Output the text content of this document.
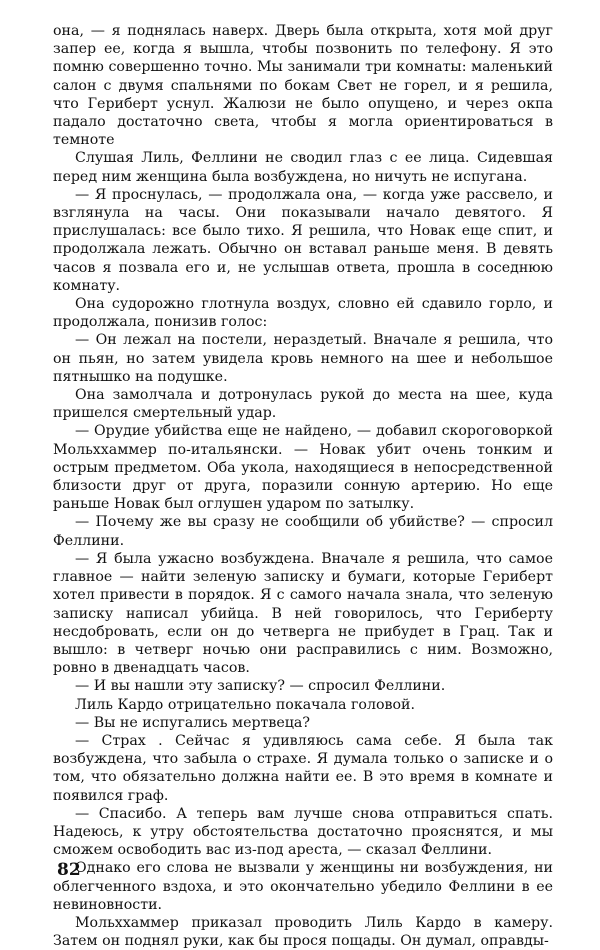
она, — я поднялась наверх. Дверь была открыта, хотя мой друг запер ее, когда я вышла, чтобы позвонить по телефону. Я это помню совершенно точно. Мы занимали три комнаты: маленький салон с двумя спальнями по бокам Свет не горел, и я решила, что Гериберт уснул. Жалюзи не было опущено, и через окпа падало достаточно света, чтобы я могла ориентироваться в темноте

Слушая Лиль, Феллини не сводил глаз с ее лица. Сидевшая перед ним женщина была возбуждена, но ничуть не испугана.

— Я проснулась, — продолжала она, — когда уже рассвело, и взглянула на часы. Они показывали начало девятого. Я прислушалась: все было тихо. Я решила, что Новак еще спит, и продолжала лежать. Обычно он вставал раньше меня. В девять часов я позвала его и, не услышав ответа, прошла в соседнюю комнату.

Она судорожно глотнула воздух, словно ей сдавило горло, и продолжала, понизив голос:

— Он лежал на постели, нераздетый. Вначале я решила, что он пьян, но затем увидела кровь немного на шее и небольшое пятнышко на подушке.

Она замолчала и дотронулась рукой до места на шее, куда пришелся смертельный удар.

— Орудие убийства еще не найдено, — добавил скороговоркой Мольххаммер по-итальянски. — Новак убит очень тонким и острым предметом. Оба укола, находящиеся в непосредственной близости друг от друга, поразили сонную артерию. Но еще раньше Новак был оглушен ударом по затылку.

— Почему же вы сразу не сообщили об убийстве? — спросил Феллини.

— Я была ужасно возбуждена. Вначале я решила, что самое главное — найти зеленую записку и бумаги, которые Гериберт хотел привести в порядок. Я с самого начала знала, что зеленую записку написал убийца. В ней говорилось, что Гериберту несдобровать, если он до четверга не прибудет в Грац. Так и вышло: в четверг ночью они расправились с ним. Возможно, ровно в двенадцать часов.

— И вы нашли эту записку? — спросил Феллини.

Лиль Кардо отрицательно покачала головой.

— Вы не испугались мертвеца?

— Страх . Сейчас я удивляюсь сама себе. Я была так возбуждена, что забыла о страхе. Я думала только о записке и о том, что обязательно должна найти ее. В это время в комнате и появился граф.

— Спасибо. А теперь вам лучше снова отправиться спать. Надеюсь, к утру обстоятельства достаточно прояснятся, и мы сможем освободить вас из-под ареста, — сказал Феллини.

Однако его слова не вызвали у женщины ни возбуждения, ни облегченного вздоха, и это окончательно убедило Феллини в ее невиновности.

Мольххаммер приказал проводить Лиль Кардо в камеру. Затем он поднял руки, как бы прося пощады. Он думал, оправды-

82
